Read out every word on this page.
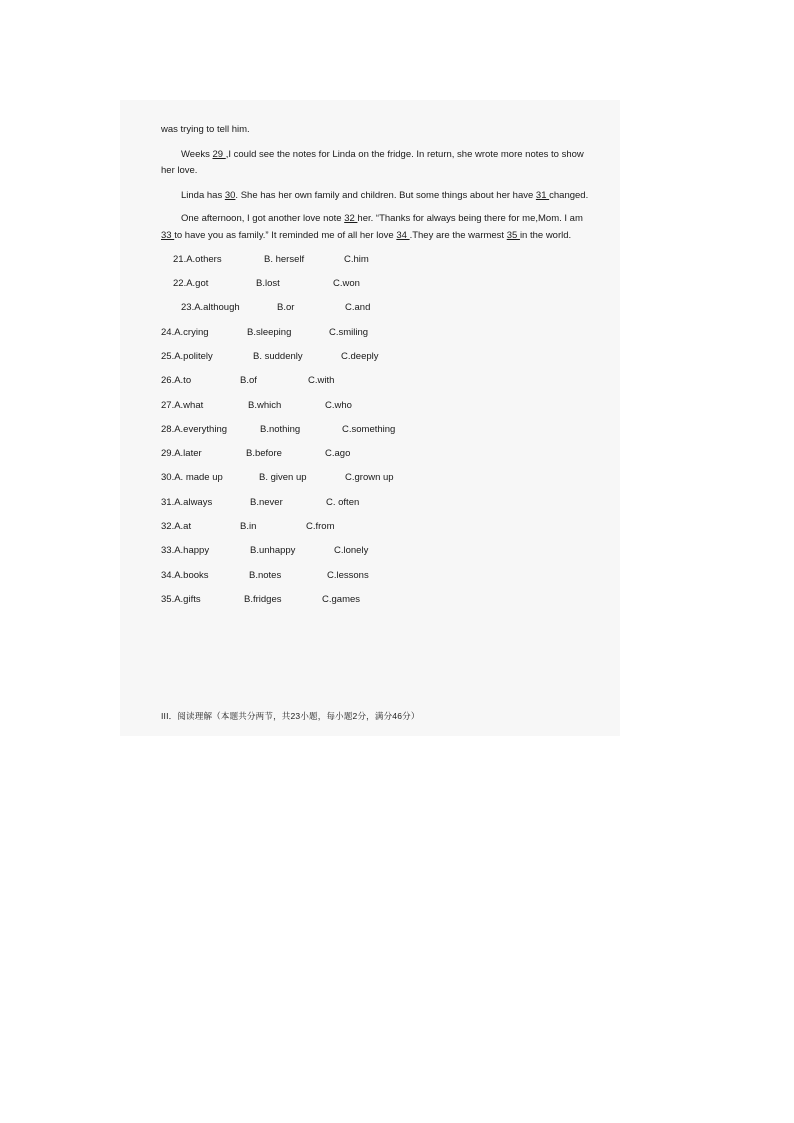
was trying to tell him.
Weeks 29 ,I could see the notes for Linda on the fridge. In return, she wrote more notes to show
her love.
Linda has 30. She has her own family and children. But some things about her have 31 changed.
One afternoon, I got another love note 32 her. “Thanks for always being there for me,Mom. I am
33 to have you as family.” It reminded me of all her love 34 .They are the warmest 35 in the world.
21.A.others	B. herself	C.him
22.A.got	B.lost	C.won
23.A.although	B.or	C.and
24.A.crying	B.sleeping	C.smiling
25.A.politely	B. suddenly	C.deeply
26.A.to	B.of	C.with
27.A.what	B.which	C.who
28.A.everything	B.nothing	C.something
29.A.later	B.before	C.ago
30.A. made up	B. given up	C.grown up
31.A.always	B.never	C. often
32.A.at	B.in	C.from
33.A.happy	B.unhappy	C.lonely
34.A.books	B.notes	C.lessons
35.A.gifts	B.fridges	C.games
III．阅读理解（本题共分两节，共23小题，每小题2分，满分46分）
